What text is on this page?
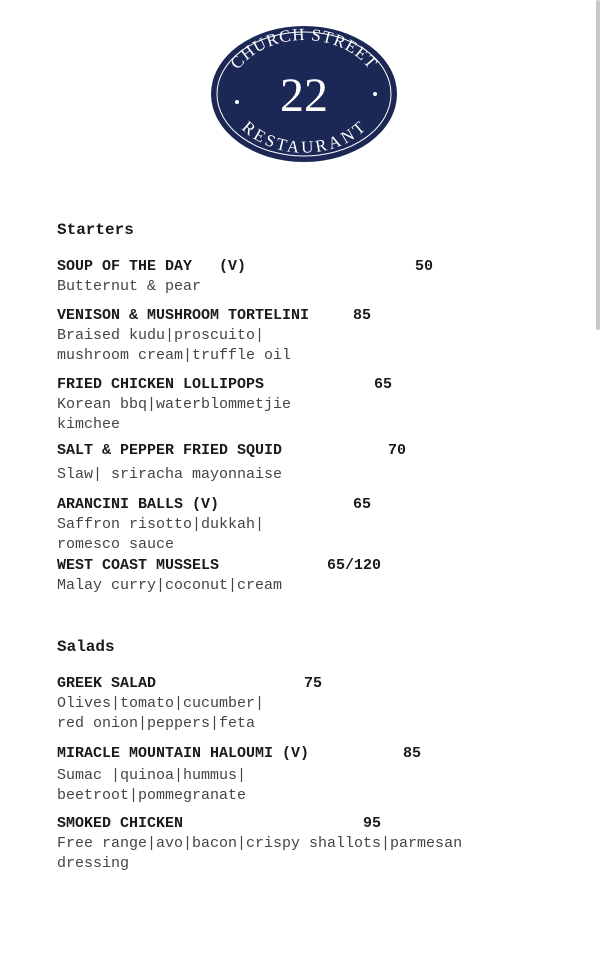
CHURCH STREET
RESTAURANT
22
Starters
SOUP OF THE DAY   (V)	50
Butternut & pear
VENISON & MUSHROOM TORTELINI	85
Braised kudu|proscuito|
mushroom cream|truffle oil
FRIED CHICKEN LOLLIPOPS	65
Korean bbq|waterblommetjie
kimchee
SALT & PEPPER FRIED SQUID	70
Slaw| sriracha mayonnaise
ARANCINI BALLS (V)	65
Saffron risotto|dukkah|
romesco sauce
WEST COAST MUSSELS	65/120
Malay curry|coconut|cream
Salads
GREEK SALAD	75
Olives|tomato|cucumber|
red onion|peppers|feta
MIRACLE MOUNTAIN HALOUMI (V)	85
Sumac |quinoa|hummus|
beetroot|pommegranate
SMOKED CHICKEN	95
Free range|avo|bacon|crispy shallots|parmesan
dressing
